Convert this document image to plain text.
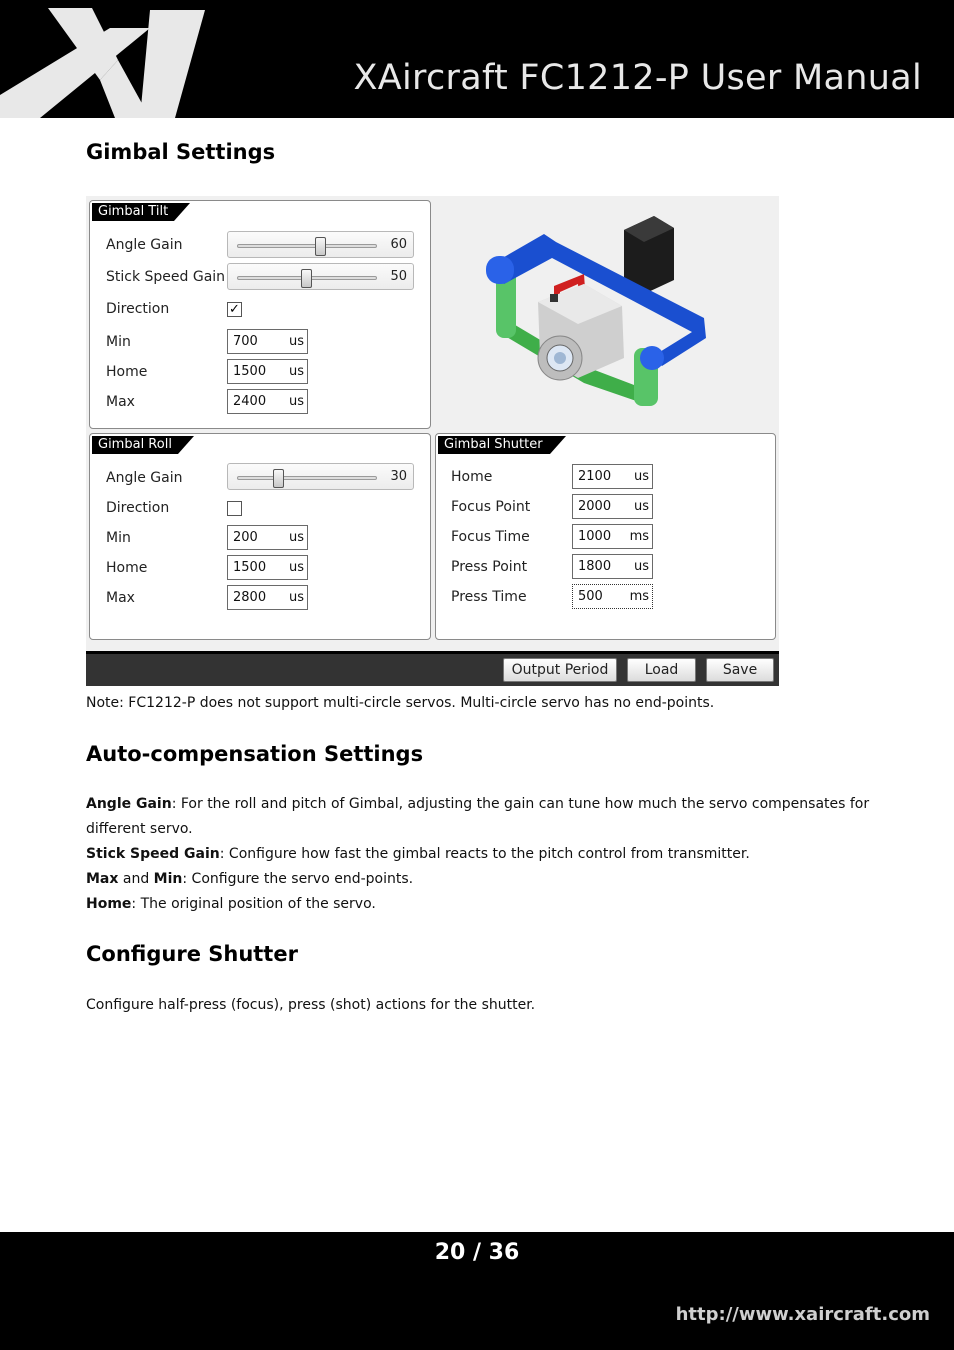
XAircraft FC1212-P User Manual
Gimbal Settings
Gimbal Tilt
Angle Gain	60
Stick Speed Gain	50
Direction	✓
Min	700 us
Home	1500 us
Max	2400 us
Gimbal Roll
Angle Gain	30
Direction
Min	200 us
Home	1500 us
Max	2800 us
Gimbal Shutter
Home	2100 us
Focus Point	2000 us
Focus Time	1000 ms
Press Point	1800 us
Press Time	500 ms
Output Period	Load	Save
Note: FC1212-P does not support multi-circle servos. Multi-circle servo has no end-points.
Auto-compensation Settings
Angle Gain: For the roll and pitch of Gimbal, adjusting the gain can tune how much the servo compensates for different servo.
Stick Speed Gain: Configure how fast the gimbal reacts to the pitch control from transmitter.
Max and Min: Configure the servo end-points.
Home: The original position of the servo.
Configure Shutter
Configure half-press (focus), press (shot) actions for the shutter.
20 / 36
http://www.xaircraft.com
